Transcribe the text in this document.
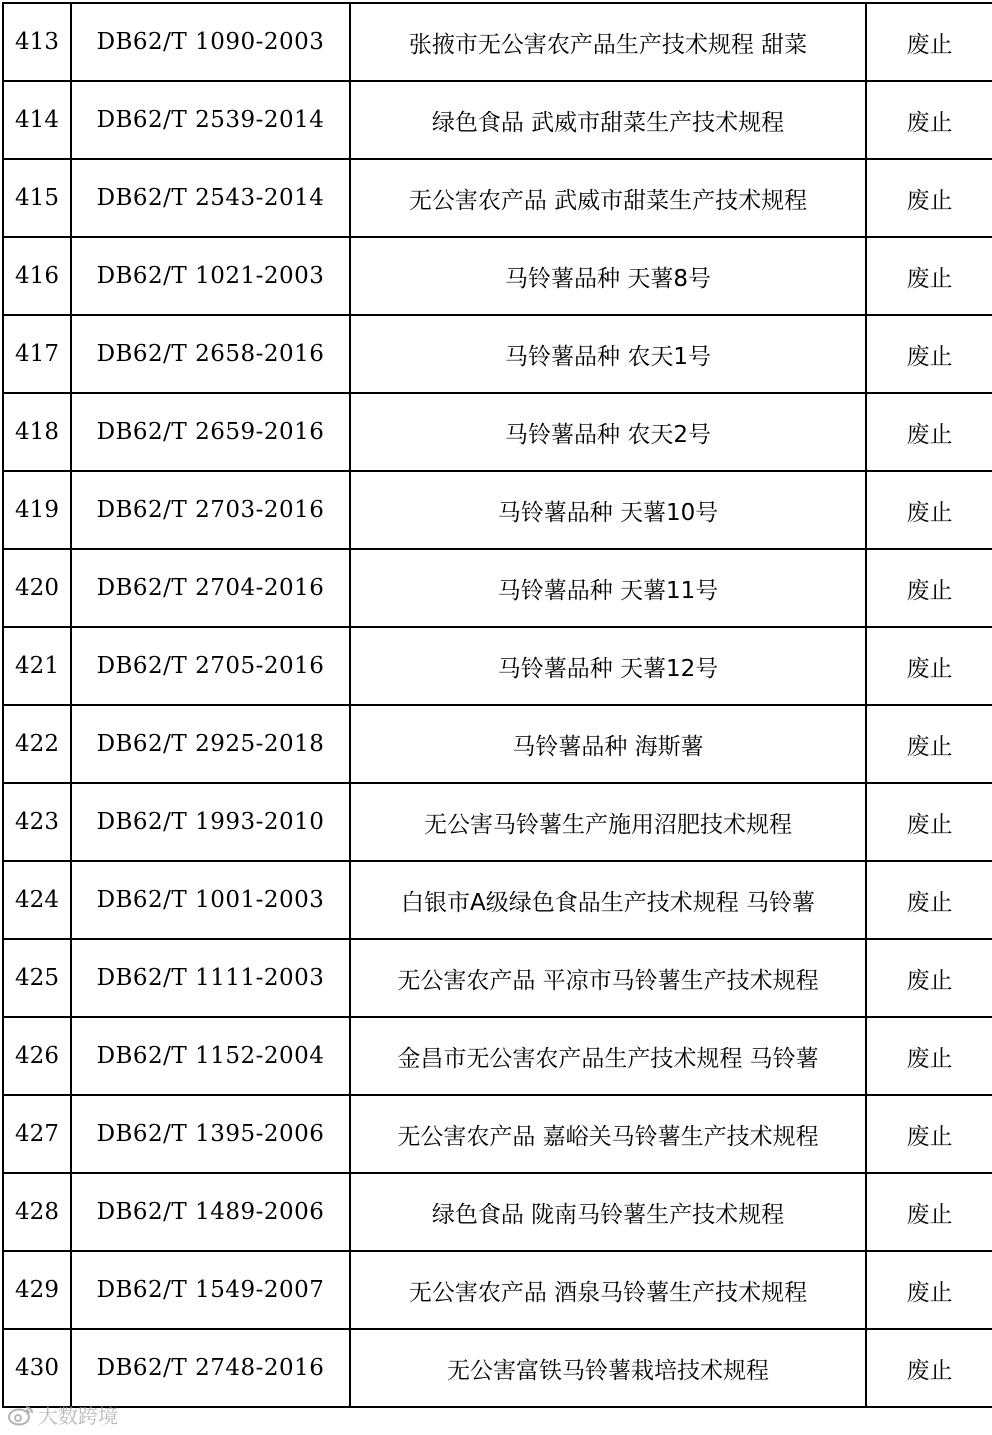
413	DB62/T 1090-2003	张掖市无公害农产品生产技术规程 甜菜	废止
414	DB62/T 2539-2014	绿色食品 武威市甜菜生产技术规程	废止
415	DB62/T 2543-2014	无公害农产品 武威市甜菜生产技术规程	废止
416	DB62/T 1021-2003	马铃薯品种 天薯8号	废止
417	DB62/T 2658-2016	马铃薯品种 农天1号	废止
418	DB62/T 2659-2016	马铃薯品种 农天2号	废止
419	DB62/T 2703-2016	马铃薯品种 天薯10号	废止
420	DB62/T 2704-2016	马铃薯品种 天薯11号	废止
421	DB62/T 2705-2016	马铃薯品种 天薯12号	废止
422	DB62/T 2925-2018	马铃薯品种 海斯薯	废止
423	DB62/T 1993-2010	无公害马铃薯生产施用沼肥技术规程	废止
424	DB62/T 1001-2003	白银市A级绿色食品生产技术规程 马铃薯	废止
425	DB62/T 1111-2003	无公害农产品 平凉市马铃薯生产技术规程	废止
426	DB62/T 1152-2004	金昌市无公害农产品生产技术规程 马铃薯	废止
427	DB62/T 1395-2006	无公害农产品 嘉峪关马铃薯生产技术规程	废止
428	DB62/T 1489-2006	绿色食品 陇南马铃薯生产技术规程	废止
429	DB62/T 1549-2007	无公害农产品 酒泉马铃薯生产技术规程	废止
430	DB62/T 2748-2016	无公害富铁马铃薯栽培技术规程	废止
大数跨境
